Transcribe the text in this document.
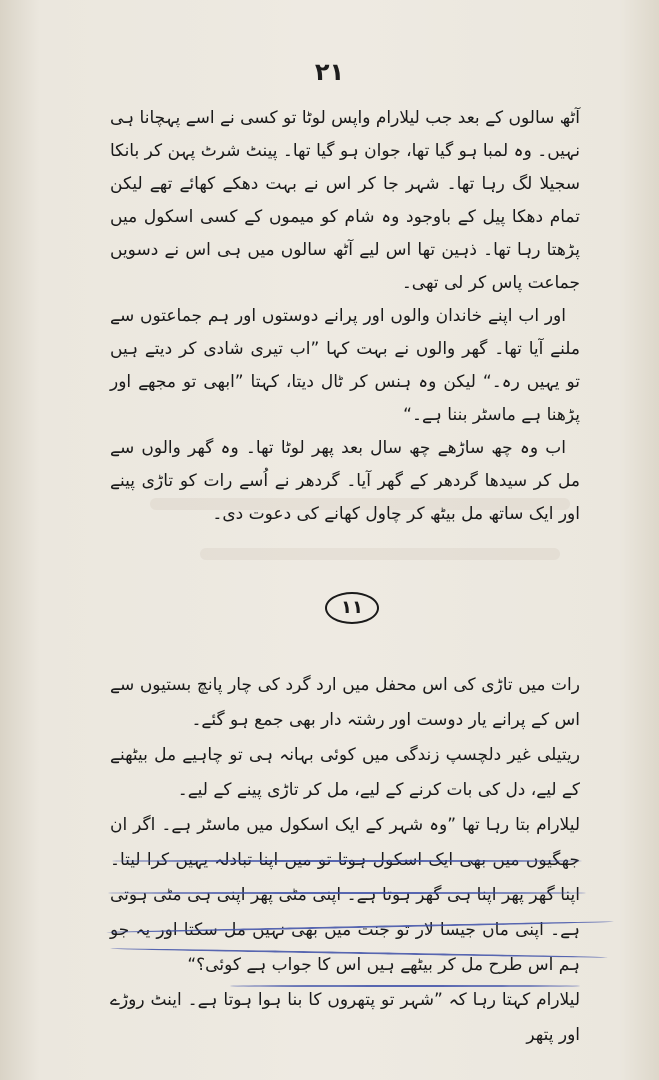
۲۱

آٹھ سالوں کے بعد جب لیلارام واپس لوٹا تو کسی نے اسے پہچانا ہی نہیں۔ وہ لمبا ہو گیا تھا، جوان ہو گیا تھا۔ پینٹ شرٹ پہن کر بانکا سجیلا لگ رہا تھا۔ شہر جا کر اس نے بہت دھکے کھائے تھے لیکن تمام دھکا پیل کے باوجود وہ شام کو میموں کے کسی اسکول میں پڑھتا رہا تھا۔ ذہین تھا اس لیے آٹھ سالوں میں ہی اس نے دسویں جماعت پاس کر لی تھی۔

اور اب اپنے خاندان والوں اور پرانے دوستوں اور ہم جماعتوں سے ملنے آیا تھا۔ گھر والوں نے بہت کہا ”اب تیری شادی کر دیتے ہیں تو یہیں رہ۔“ لیکن وہ ہنس کر ٹال دیتا، کہتا ”ابھی تو مجھے اور پڑھنا ہے ماسٹر بننا ہے۔“

اب وہ چھ ساڑھے چھ سال بعد پھر لوٹا تھا۔ وہ گھر والوں سے مل کر سیدھا گردھر کے گھر آیا۔ گردھر نے اُسے رات کو تاڑی پینے اور ایک ساتھ مل بیٹھ کر چاول کھانے کی دعوت دی۔

۱۱

رات میں تاڑی کی اس محفل میں ارد گرد کی چار پانچ بستیوں سے اس کے پرانے یار دوست اور رشتہ دار بھی جمع ہو گئے۔

ریتیلی غیر دلچسپ زندگی میں کوئی بہانہ ہی تو چاہیے مل بیٹھنے کے لیے، دل کی بات کرنے کے لیے، مل کر تاڑی پینے کے لیے۔

لیلارام بتا رہا تھا ”وہ شہر کے ایک اسکول میں ماسٹر ہے۔ اگر ان جھگیوں میں بھی ایک اسکول ہوتا تو میں اپنا تبادلہ یہیں کرا لیتا۔ اپنا گھر پھر اپنا ہی گھر ہوتا ہے۔ اپنی مٹی پھر اپنی ہی مٹی ہوتی ہے۔ اپنی ماں جیسا لار تو جنت میں بھی نہیں مل سکتا اور یہ جو ہم اس طرح مل کر بیٹھے ہیں اس کا جواب ہے کوئی؟“

لیلارام کہتا رہا کہ ”شہر تو پتھروں کا بنا ہوا ہوتا ہے۔ اینٹ روڑے اور پتھر
